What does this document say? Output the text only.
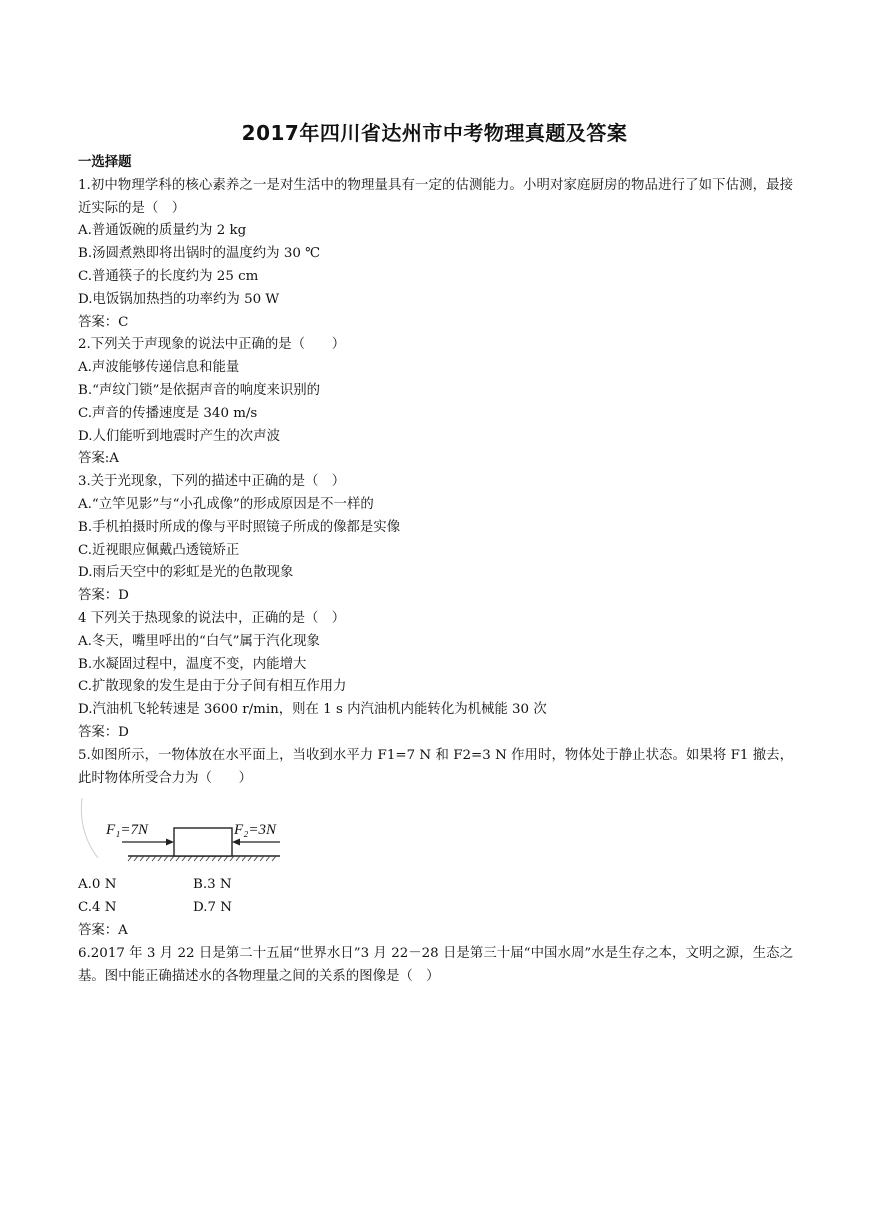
2017年四川省达州市中考物理真题及答案
一选择题
1.初中物理学科的核心素养之一是对生活中的物理量具有一定的估测能力。小明对家庭厨房的物品进行了如下估测，最接近实际的是（　）
A.普通饭碗的质量约为 2 kg
B.汤圆煮熟即将出锅时的温度约为 30 ℃
C.普通筷子的长度约为 25 cm
D.电饭锅加热挡的功率约为 50 W
答案：C
2.下列关于声现象的说法中正确的是（　　）
A.声波能够传递信息和能量
B.“声纹门锁”是依据声音的响度来识别的
C.声音的传播速度是 340 m/s
D.人们能听到地震时产生的次声波
答案:A
3.关于光现象，下列的描述中正确的是（　）
A.“立竿见影”与“小孔成像”的形成原因是不一样的
B.手机拍摄时所成的像与平时照镜子所成的像都是实像
C.近视眼应佩戴凸透镜矫正
D.雨后天空中的彩虹是光的色散现象
答案：D
4 下列关于热现象的说法中，正确的是（　）
A.冬天，嘴里呼出的“白气”属于汽化现象
B.水凝固过程中，温度不变，内能增大
C.扩散现象的发生是由于分子间有相互作用力
D.汽油机飞轮转速是 3600 r/min，则在 1 s 内汽油机内能转化为机械能 30 次
答案：D
5.如图所示，一物体放在水平面上，当收到水平力 F1=7 N 和 F2=3 N 作用时，物体处于静止状态。如果将 F1 撤去，此时物体所受合力为（　　）
F₁=7N	F₂=3N
A.0 N	B.3 N
C.4 N	D.7 N
答案：A
6.2017 年 3 月 22 日是第二十五届“世界水日”3 月 22－28 日是第三十届“中国水周”水是生存之本，文明之源，生态之基。图中能正确描述水的各物理量之间的关系的图像是（　）
